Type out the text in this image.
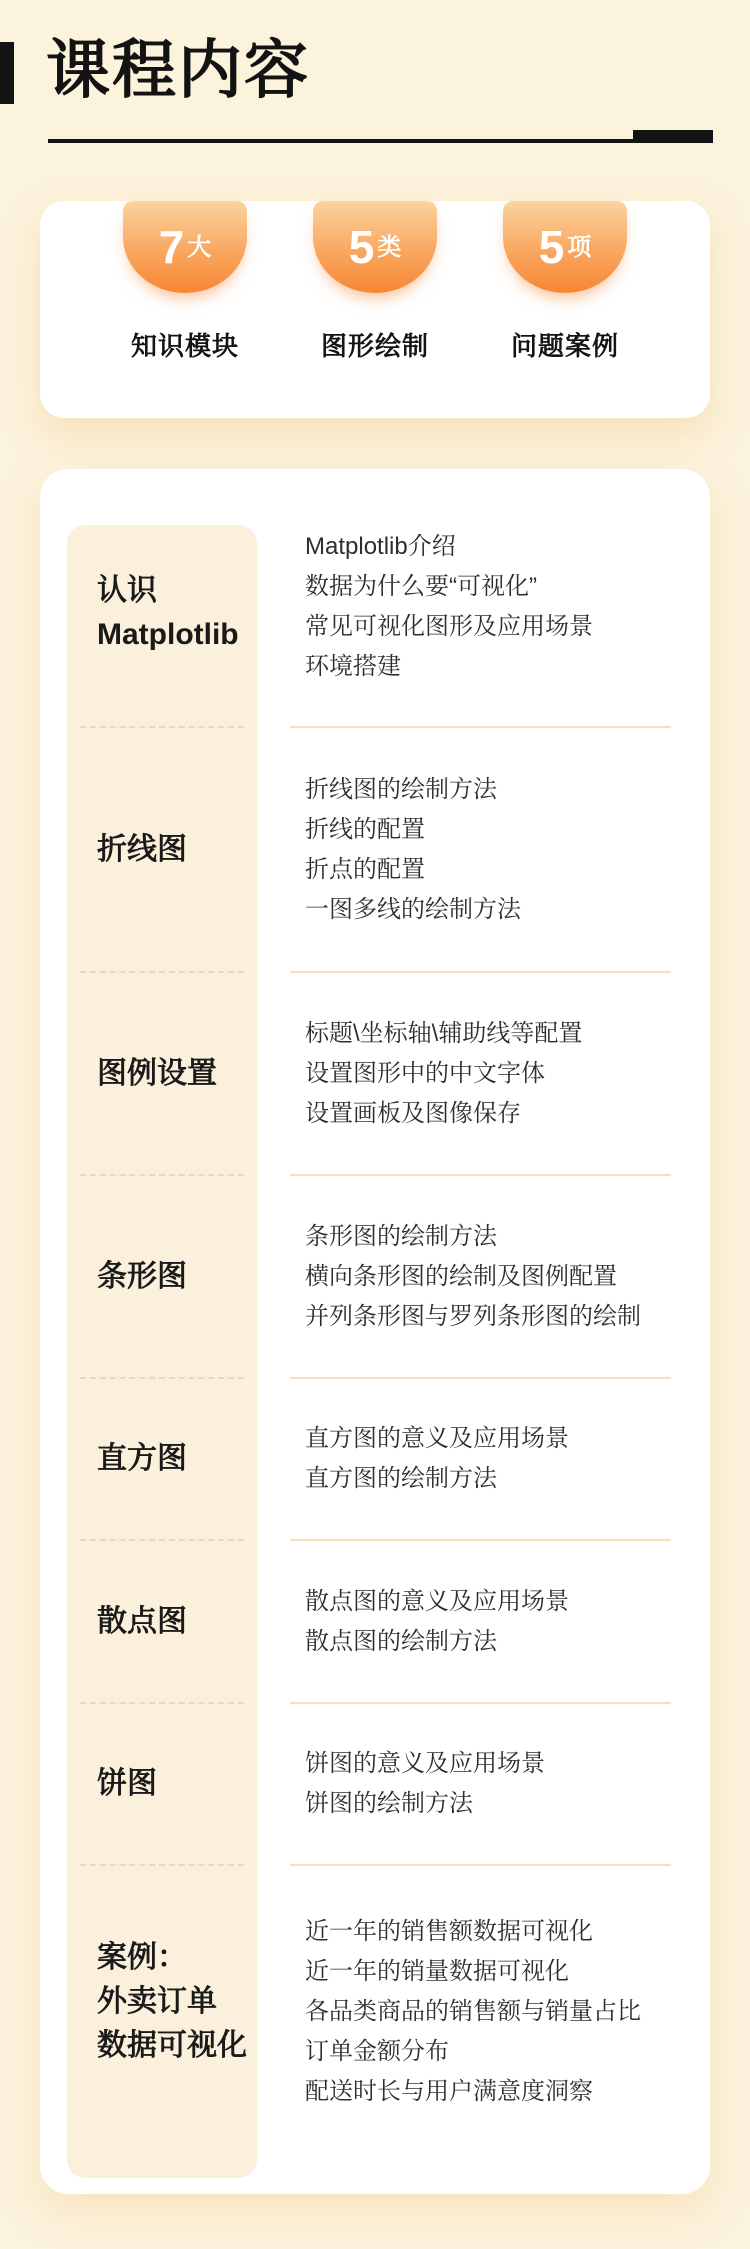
课程内容
7 大
知识模块
5 类
图形绘制
5 项
问题案例
认识
Matplotlib
折线图
图例设置
条形图
直方图
散点图
饼图
案例：
外卖订单
数据可视化
Matplotlib介绍
数据为什么要“可视化”
常见可视化图形及应用场景
环境搭建
折线图的绘制方法
折线的配置
折点的配置
一图多线的绘制方法
标题\坐标轴\辅助线等配置
设置图形中的中文字体
设置画板及图像保存
条形图的绘制方法
横向条形图的绘制及图例配置
并列条形图与罗列条形图的绘制
直方图的意义及应用场景
直方图的绘制方法
散点图的意义及应用场景
散点图的绘制方法
饼图的意义及应用场景
饼图的绘制方法
近一年的销售额数据可视化
近一年的销量数据可视化
各品类商品的销售额与销量占比
订单金额分布
配送时长与用户满意度洞察
